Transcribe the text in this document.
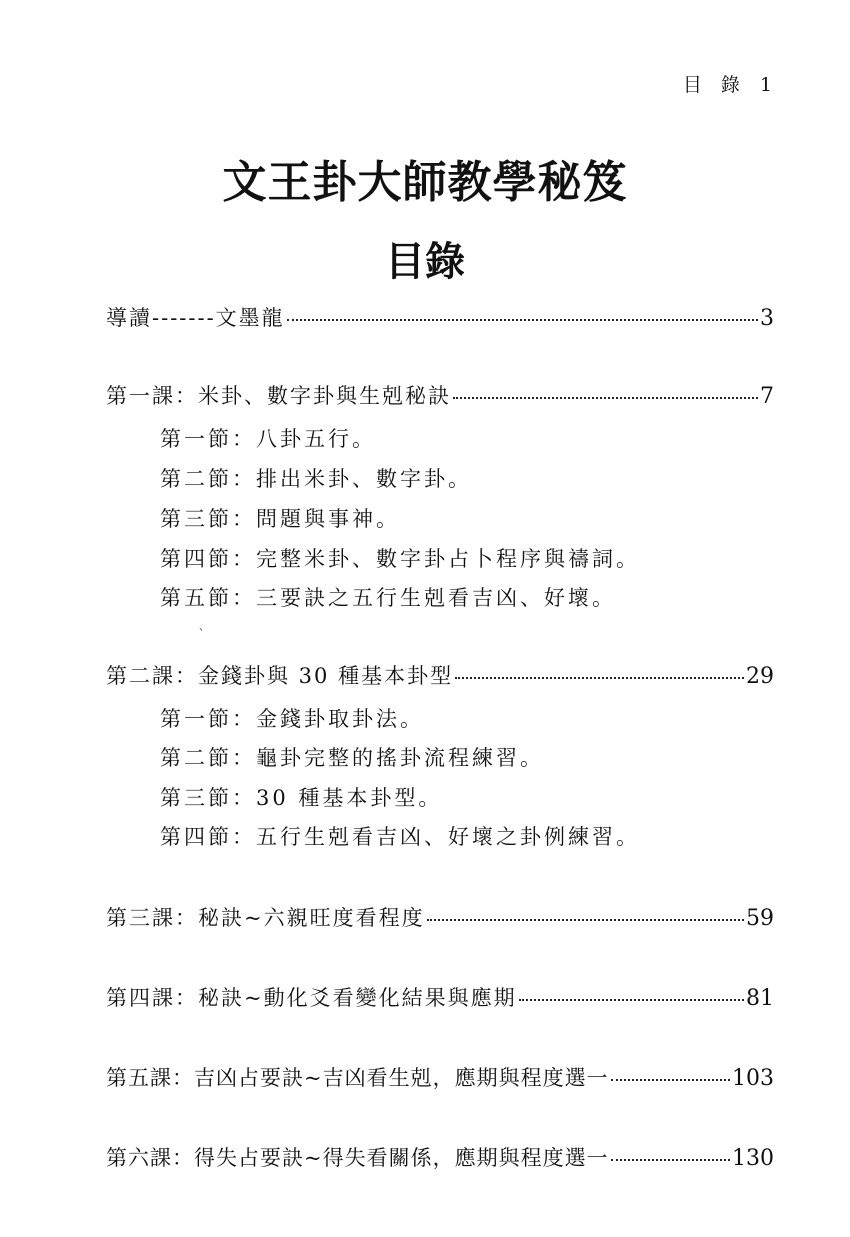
目　錄 1
文王卦大師教學秘笈
目錄
導讀-------文墨龍	3
第一課：米卦、數字卦與生剋秘訣	7
第一節：八卦五行。
第二節：排出米卦、數字卦。
第三節：問題與事神。
第四節：完整米卦、數字卦占卜程序與禱詞。
第五節：三要訣之五行生剋看吉凶、好壞。
、
第二課：金錢卦與 30 種基本卦型	29
第一節：金錢卦取卦法。
第二節：龜卦完整的搖卦流程練習。
第三節：30 種基本卦型。
第四節：五行生剋看吉凶、好壞之卦例練習。
第三課：秘訣~六親旺度看程度	59
第四課：秘訣~動化爻看變化結果與應期	81
第五課：吉凶占要訣~吉凶看生剋，應期與程度選一	103
第六課：得失占要訣~得失看關係，應期與程度選一	130
